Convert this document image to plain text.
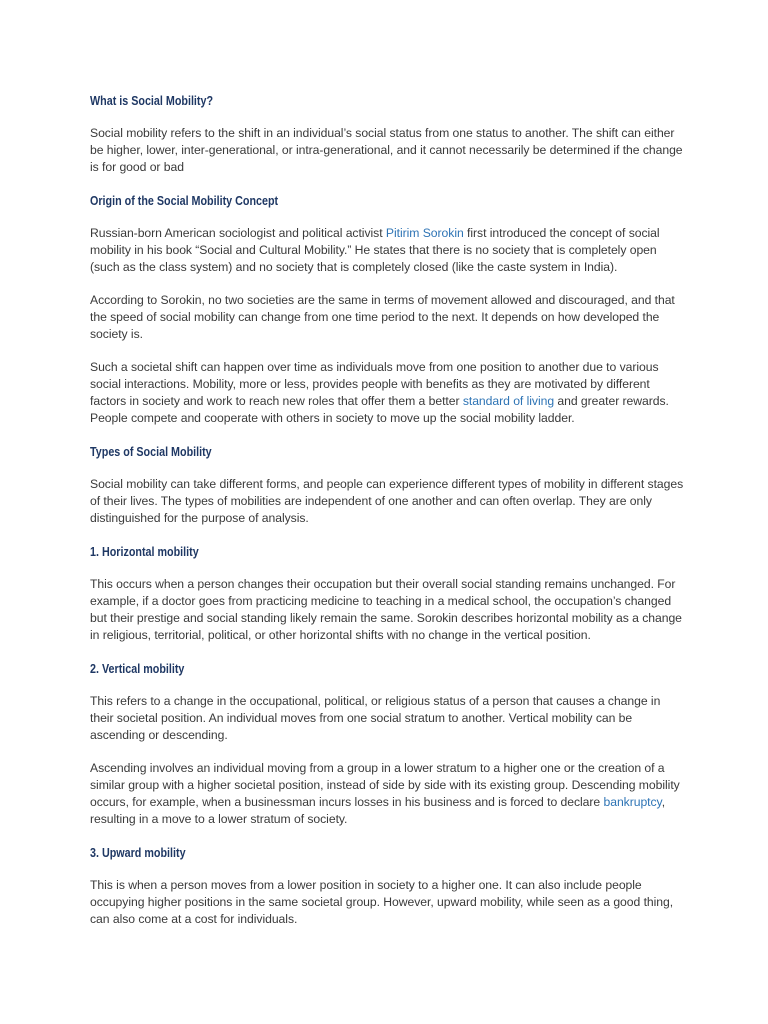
What is Social Mobility?

Social mobility refers to the shift in an individual’s social status from one status to another. The shift can either be higher, lower, inter-generational, or intra-generational, and it cannot necessarily be determined if the change is for good or bad

Origin of the Social Mobility Concept

Russian-born American sociologist and political activist Pitirim Sorokin first introduced the concept of social mobility in his book “Social and Cultural Mobility.” He states that there is no society that is completely open (such as the class system) and no society that is completely closed (like the caste system in India).

According to Sorokin, no two societies are the same in terms of movement allowed and discouraged, and that the speed of social mobility can change from one time period to the next. It depends on how developed the society is.

Such a societal shift can happen over time as individuals move from one position to another due to various social interactions. Mobility, more or less, provides people with benefits as they are motivated by different factors in society and work to reach new roles that offer them a better standard of living and greater rewards. People compete and cooperate with others in society to move up the social mobility ladder.

Types of Social Mobility

Social mobility can take different forms, and people can experience different types of mobility in different stages of their lives. The types of mobilities are independent of one another and can often overlap. They are only distinguished for the purpose of analysis.

1. Horizontal mobility

This occurs when a person changes their occupation but their overall social standing remains unchanged. For example, if a doctor goes from practicing medicine to teaching in a medical school, the occupation’s changed but their prestige and social standing likely remain the same. Sorokin describes horizontal mobility as a change in religious, territorial, political, or other horizontal shifts with no change in the vertical position.

2. Vertical mobility

This refers to a change in the occupational, political, or religious status of a person that causes a change in their societal position. An individual moves from one social stratum to another. Vertical mobility can be ascending or descending.

Ascending involves an individual moving from a group in a lower stratum to a higher one or the creation of a similar group with a higher societal position, instead of side by side with its existing group. Descending mobility occurs, for example, when a businessman incurs losses in his business and is forced to declare bankruptcy, resulting in a move to a lower stratum of society.

3. Upward mobility

This is when a person moves from a lower position in society to a higher one. It can also include people occupying higher positions in the same societal group. However, upward mobility, while seen as a good thing, can also come at a cost for individuals.
